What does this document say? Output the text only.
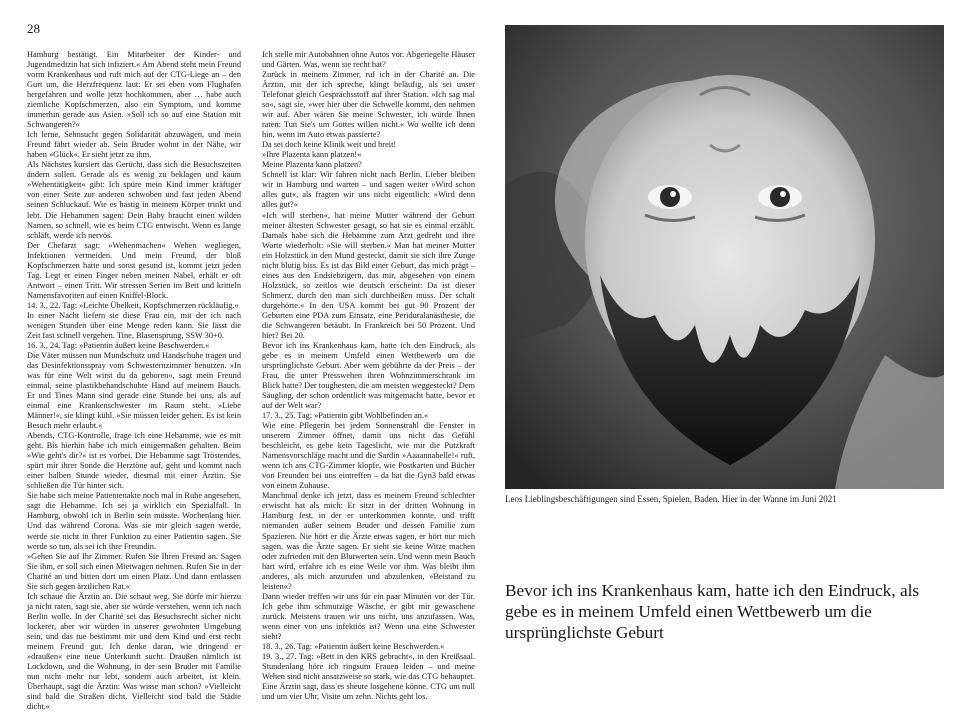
28

Hamburg bestätigt. Ein Mitarbeiter der Kinder- und Jugendmedizin hat sich infiziert.« Am Abend steht mein Freund vorm Krankenhaus und ruft mich auf der CTG-Liege an – den Gurt um, die Herzfrequenz laut: Er sei eben vom Flughafen hergefahren und wolle jetzt hochkommen, aber … habe auch ziemliche Kopfschmerzen, also ein Symptom, und komme immerhin gerade aus Asien. »Soll ich so auf eine Station mit Schwangeren?«

Ich lerne, Sehnsucht gegen Solidarität abzuwägen, und mein Freund fährt wieder ab. Sein Bruder wohnt in der Nähe, wir haben »Glück«. Er sieht jetzt zu ihm.

Als Nächstes kursiert das Gerücht, dass sich die Besuchszeiten ändern sollen. Gerade als es wenig zu beklagen und kaum »Wehentätigkeit« gibt: Ich spüre mein Kind immer kräftiger von einer Seite zur anderen schwoben und fast jeden Abend seinen Schluckauf. Wie es hastig in meinem Körper trinkt und lebt. Die Hebammen sagen: Dein Baby braucht einen wilden Namen, so schnell, wie es beim CTG entwischt. Wenn es lange schläft, werde ich nervös.

Der Chefarzt sagt: »Wehenmachen« Wehen wegliegen, Infektionen vermeiden. Und mein Freund, der bloß Kopfschmerzen hatte und sonst gesund ist, kommt jetzt jeden Tag. Legt er einen Finger neben meinen Nabel, erhält er oft Antwort – einen Tritt. Wir stressen Serien im Bett und kritteln Namensfavoriten auf einen Kniffel-Block.

14. 3., 22. Tag: »Leichte Übelkeit, Kopfschmerzen rückläufig.«

In einer Nacht liefern sie diese Frau ein, mit der ich nach wenigen Stunden über eine Menge reden kann. Sie lässt die Zeit fast schnell vergehen. Tine, Blasensprung, SSW 30+0.

16. 3., 24. Tag: »Patientin äußert keine Beschwerden.«

Die Väter müssen nun Mundschutz und Handschuhe tragen und das Desinfektionsspray vom Schwesternzimmer benutzen. »In was für eine Welt wirst du da geboren«, sagt mein Freund einmal, seine plastikbehandschuhte Hand auf meinem Bauch. Er und Tines Mann sind gerade eine Stunde bei uns, als auf einmal eine Krankenschwester im Raum steht. »Liebe Männer!«, sie klingt kühl. »Sie müssen leider gehen. Es ist kein Besuch mehr erlaubt.«

Abends, CTG-Kontrolle, frage ich eine Hebamme, wie es mit geht. Bis hierhin habe ich mich einigermaßen gehalten. Beim »Wie geht's dir?« ist es vorbei. Die Hebamme sagt Tröstendes, spürt mir ihrer Sonde die Herztöne auf, geht und kommt nach einer halben Stunde wieder, diesmal mit einer Ärztin. Sie schließen die Tür hinter sich.

Sie habe sich meine Patientenakte noch mal in Ruhe angesehen, sagt die Hebamme. Ich sei ja wirklich ein Spezialfall. In Hamburg, obwohl ich in Berlin sein müsste. Wochenlang hier. Und das während Corona. Was sie mir gleich sagen werde, werde sie nicht in ihrer Funktion zu einer Patientin sagen. Sie werde so tun, als sei ich ihre Freundin.

»Gehen Sie auf Ihr Zimmer. Rufen Sie Ihren Freund an. Sagen Sie ihm, er soll sich einen Mietwagen nehmen. Rufen Sie in der Charité an und bitten dort um einen Platz. Und dann entlassen Sie sich gegen ärztlichen Rat.«

Ich schaue die Ärztin an. Die schaut weg. Sie dürfe mir hierzu ja nicht raten, sagt sie, aber sie würde verstehen, wenn ich nach Berlin wolle. In der Charité sei das Besuchsrecht sicher nicht lockerer, aber wir würden in unserer gewohnten Umgebung sein, und das tue bestimmt mir und dem Kind und erst recht meinem Freund gut. Ich denke daran, wie dringend er »draußen« eine neue Unterkunft sucht. Draußen nämlich ist Lockdown, und die Wohnung, in der sein Bruder mit Familie nun nicht mehr nur lebt, sondern auch arbeitet, ist klein. Überhaupt, sagt die Ärztin: Was wisse man schon? »Vielleicht sind bald die Straßen dicht. Vielleicht sind bald die Städte dicht.«

Ich stelle mir Autobahnen ohne Autos vor. Abgeriegelte Häuser und Gärten. Was, wenn sie recht hat?

Zurück in meinem Zimmer, ruf ich in der Charité an. Die Ärztin, mit der ich spreche, klingt beläufig, als sei unser Telefonat gleich Gesprächsstoff auf ihrer Station. »Ich sag mal so«, sagt sie, »wer hier über die Schwelle kommt, den nehmen wir auf. Aber wären Sie meine Schwester, ich würde Ihnen raten: Tun Sie's um Gottes willen nicht.« Wo wollte ich denn hin, wenn im Auto etwas passierte?

Da sei doch keine Klinik weit und breit!

»Ihre Plazenta kann platzen!«

Meine Plazenta kann platzen?

Schnell ist klar: Wir fahren nicht nach Berlin. Lieber bleiben wir in Hamburg und warten – und sagen weiter »Wird schon alles gut«, als fragten wir uns nicht eigentlich: »Wird denn alles gut?«

»Ich will sterben«, hat meine Mutter während der Geburt meiner ältesten Schwester gesagt, so hat sie es einmal erzählt. Damals habe sich die Hebamme zum Arzt gedreht und ihre Worte wiederholt: »Sie will sterben.« Man hat meiner Mutter ein Holzstück in den Mund gesteckt, damit sie sich ihre Zunge nicht blutig biss. Es ist das Bild einer Geburt, das mich prägt – eines aus den Endsiebzigern, das mir, abgesehen von einem Holzstück, so zeitlos wie deutsch erscheint: Da ist dieser Schmerz, durch den man sich durchbeißen muss. Der schalt durgehörte.« In den USA kommt bei gut 90 Prozent der Geburten eine PDA zum Einsatz, eine Periduralanästhesie, die die Schwangeren betäubt. In Frankreich bei 50 Prozent. Und hier? Bei 20.

Bevor ich ins Krankenhaus kam, hatte ich den Eindruck, als gebe es in meinem Umfeld einen Wettbewerb um die ursprünglichste Geburt. Aber wem gebührte da der Preis – der Frau, die unter Presswehen ihren Wohnzimmerschrank im Blick hatte? Der toughesten, die am meisten weggesteckt? Dem Säugling, der schon ordentlich was mitgemacht hatte, bevor er auf der Welt war?

17. 3., 25. Tag: »Patientin gibt Wohlbefinden an.«

Wie eine Pflegerin bei jedem Sonnenstrahl die Fenster in unserem Zimmer öffnet, damit uns nicht das Gefühl beschleicht, es gebe kein Tageslicht, wie mir die Putzkraft Namensvorschläge macht und die Sardin »Aaaannabelle!« ruft, wenn ich ans CTG-Zimmer klopfe, wie Postkarten und Bücher von Freunden bei uns eintreffen – da hat die Gyn3 bald etwas von einem Zuhause.

Manchmal denke ich jetzt, dass es meinem Freund schlechter erwischt hat als mich: Er sitzt in der dritten Wohnung in Hamburg fest, in der er unterkommen konnte, und trifft niemanden außer seinem Bruder und dessen Familie zum Spazieren. Nie hört er die Ärzte etwas sagen, er hört nur mich sagen, was die Ärzte sagen. Er sieht sie keine Witze machen oder zufrieden mit den Blutwerten sein. Und wenn mein Bauch hart wird, erfahre ich es eine Weile vor ihm. Was bleibt ihm anderes, als mich anzurufen und abzulenken, »Beistand zu leisten«?

Dann wieder treffen wir uns für ein paar Minuten vor der Tür. Ich gebe ihm schmutzige Wäsche, er gibt mir gewaschene zurück. Meistens trauen wir uns nicht, uns anzufassen. Was, wenn einer von uns infektiös ist? Wenn una eine Schwester sieht?

18. 3., 26. Tag: »Patientin äußert keine Beschwerden.«

19. 3., 27. Tag: »Bett in den KRS gebracht«, in den Kreißsaal. Stundenlang höre ich ringsum Frauen leiden – und meine Wehen sind nicht ansatzweise so stark, wie das CTG behauptet. Eine Ärztin sagt, dass es sheute losgehene könne. CTG um null und um vier Uhr, Visite um zehn. Nichts geht los.

Leos Lieblingsbeschäftigungen sind Essen, Spielen, Baden. Hier in der Wanne im Juni 2021
Bevor ich ins Krankenhaus kam, hatte ich den Eindruck, als gebe es in meinem Umfeld einen Wettbewerb um die ursprünglichste Geburt
